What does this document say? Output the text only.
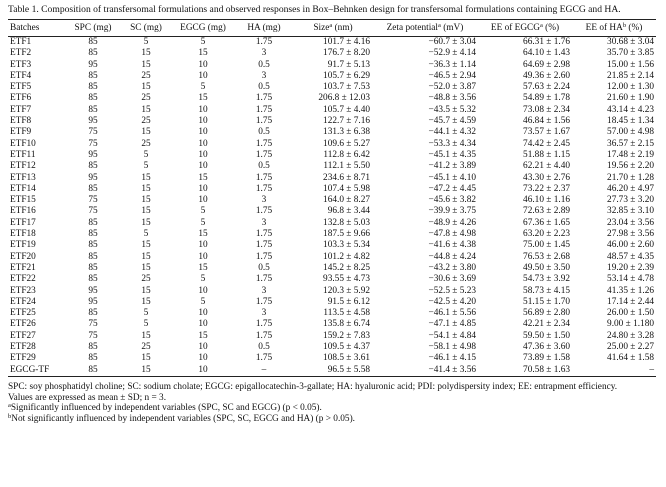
Table 1. Composition of transfersomal formulations and observed responses in Box–Behnken design for transfersomal formulations containing EGCG and HA.

Batches	SPC (mg)	SC (mg)	EGCG (mg)	HA (mg)	Size$^a$ (nm)	Zeta potential$^a$ (mV)	EE of EGCG$^a$ (%)	EE of $HA^b$ (%)
ETF1	85	5	5	1.75	101.7 ± 4.16	−60.7 ± 3.04	66.31 ± 1.76	30.68 ± 3.04
ETF2	85	15	15	3	176.7 ± 8.20	−52.9 ± 4.14	64.10 ± 1.43	35.70 ± 3.85
ETF3	95	15	10	0.5	91.7 ± 5.13	−36.3 ± 1.14	64.69 ± 2.98	15.00 ± 1.56
ETF4	85	25	10	3	105.7 ± 6.29	−46.5 ± 2.94	49.36 ± 2.60	21.85 ± 2.14
ETF5	85	15	5	0.5	103.7 ± 7.53	−52.0 ± 3.87	57.63 ± 2.24	12.00 ± 1.30
ETF6	85	25	15	1.75	206.8 ± 12.03	−48.8 ± 3.56	54.89 ± 1.78	21.60 ± 1.90
ETF7	85	15	10	1.75	105.7 ± 4.40	−43.5 ± 5.32	73.08 ± 2.34	43.14 ± 4.23
ETF8	95	25	10	1.75	122.7 ± 7.16	−45.7 ± 4.59	46.84 ± 1.56	18.45 ± 1.34
ETF9	75	15	10	0.5	131.3 ± 6.38	−44.1 ± 4.32	73.57 ± 1.67	57.00 ± 4.98
ETF10	75	25	10	1.75	109.6 ± 5.27	−53.3 ± 4.34	74.42 ± 2.45	36.57 ± 2.15
ETF11	95	5	10	1.75	112.8 ± 6.42	−45.1 ± 4.35	51.88 ± 1.15	17.48 ± 2.19
ETF12	85	5	10	0.5	112.1 ± 5.50	−41.2 ± 3.89	62.21 ± 4.40	19.56 ± 2.20
ETF13	95	15	15	1.75	234.6 ± 8.71	−45.1 ± 4.10	43.30 ± 2.76	21.70 ± 1.28
ETF14	85	15	10	1.75	107.4 ± 5.98	−47.2 ± 4.45	73.22 ± 2.37	46.20 ± 4.97
ETF15	75	15	10	3	164.0 ± 8.27	−45.6 ± 3.82	46.10 ± 1.16	27.73 ± 3.20
ETF16	75	15	5	1.75	96.8 ± 3.44	−39.9 ± 3.75	72.63 ± 2.89	32.85 ± 3.10
ETF17	85	15	5	3	132.8 ± 5.03	−48.9 ± 4.26	67.36 ± 1.65	23.04 ± 3.56
ETF18	85	5	15	1.75	187.5 ± 9.66	−47.8 ± 4.98	63.20 ± 2.23	27.98 ± 3.56
ETF19	85	15	10	1.75	103.3 ± 5.34	−41.6 ± 4.38	75.00 ± 1.45	46.00 ± 2.60
ETF20	85	15	10	1.75	101.2 ± 4.82	−44.8 ± 4.24	76.53 ± 2.68	48.57 ± 4.35
ETF21	85	15	15	0.5	145.2 ± 8.25	−43.2 ± 3.80	49.50 ± 3.50	19.20 ± 2.39
ETF22	85	25	5	1.75	93.55 ± 4.73	−30.6 ± 3.69	54.73 ± 3.92	53.14 ± 4.78
ETF23	95	15	10	3	120.3 ± 5.92	−52.5 ± 5.23	58.73 ± 4.15	41.35 ± 1.26
ETF24	95	15	5	1.75	91.5 ± 6.12	−42.5 ± 4.20	51.15 ± 1.70	17.14 ± 2.44
ETF25	85	5	10	3	113.5 ± 4.58	−46.1 ± 5.56	56.89 ± 2.80	26.00 ± 1.50
ETF26	75	5	10	1.75	135.8 ± 6.74	−47.1 ± 4.85	42.21 ± 2.34	9.00 ± 1.180
ETF27	75	15	15	1.75	159.2 ± 7.83	−54.1 ± 4.84	59.50 ± 1.50	24.80 ± 3.28
ETF28	85	25	10	0.5	109.5 ± 4.37	−58.1 ± 4.98	47.36 ± 3.60	25.00 ± 2.27
ETF29	85	15	10	1.75	108.5 ± 3.61	−46.1 ± 4.15	73.89 ± 1.58	41.64 ± 1.58
EGCG-TF	85	15	10	–	96.5 ± 5.58	−41.4 ± 3.56	70.58 ± 1.63	–

SPC: soy phosphatidyl choline; SC: sodium cholate; EGCG: epigallocatechin-3-gallate; HA: hyaluronic acid; PDI: polydispersity index; EE: entrapment efficiency.

Values are expressed as mean ± SD; n = 3.

$^a$Significantly influenced by independent variables (SPC, SC and EGCG) (p < 0.05).

$^b$Not significantly influenced by independent variables (SPC, SC, EGCG and HA) (p > 0.05).
